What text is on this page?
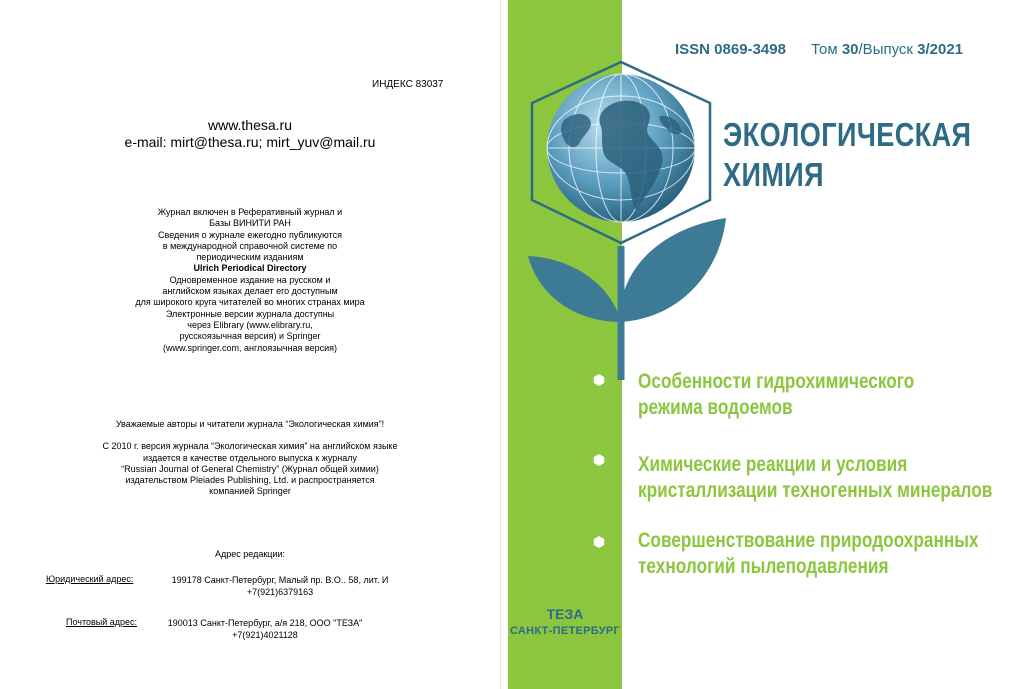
ИНДЕКС 83037
www.thesa.ru
e-mail: mirt@thesa.ru; mirt_yuv@mail.ru
Журнал включен в Реферативный журнал и
Базы ВИНИТИ РАН
Сведения о журнале ежегодно публикуются
в международной справочной системе по
периодическим изданиям
Ulrich Periodical Directory
Одновременное издание на русском и
английском языках делает его доступным
для широкого круга читателей во многих странах мира
Электронные версии журнала доступны
через Elibrary (www.elibrary.ru,
русскоязычная версия) и Springer
(www.springer.com, англоязычная версия)
Уважаемые авторы и читатели журнала “Экологическая химия”!
С 2010 г. версия журнала “Экологическая химия” на английском языке
издается в качестве отдельного выпуска к журналу
“Russian Journal of General Chemistry” (Журнал общей химии)
издательством Pleiades Publishing, Ltd. и распространяется
компанией Springer
Адрес редакции:
Юридический адрес:	199178 Санкт-Петербург, Малый пр. В.О.. 58, лит. И
+7(921)6379163
Почтовый адрес:	190013 Санкт-Петербург, а/я 218, ООО "ТЕЗА"
+7(921)4021128
ТЕЗА
САНКТ-ПЕТЕРБУРГ
ISSN 0869-3498 Том 30/Выпуск 3/2021
ЭКОЛОГИЧЕСКАЯ
ХИМИЯ
Особенности гидрохимического
режима водоемов
Химические реакции и условия
кристаллизации техногенных минералов
Совершенствование природоохранных
технологий пылеподавления
